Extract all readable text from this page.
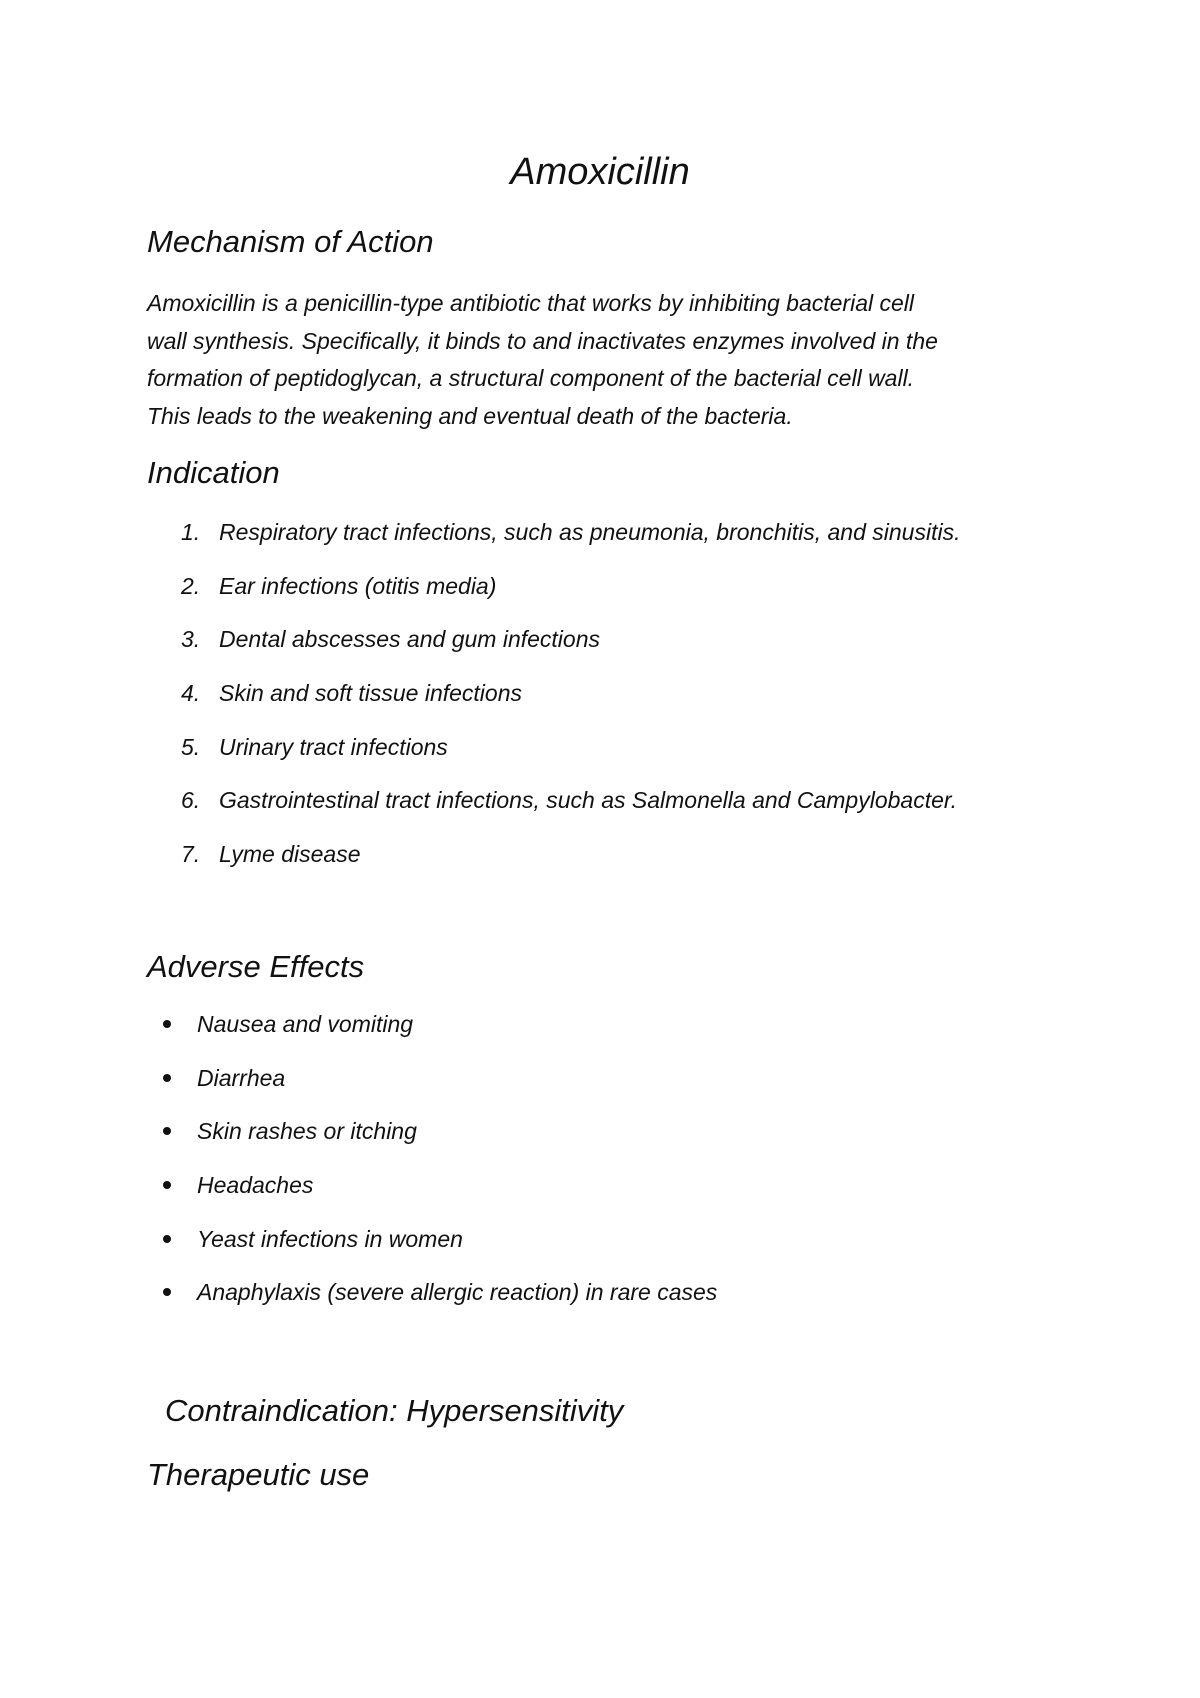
Amoxicillin
Mechanism of Action

Amoxicillin is a penicillin-type antibiotic that works by inhibiting bacterial cell
wall synthesis. Specifically, it binds to and inactivates enzymes involved in the
formation of peptidoglycan, a structural component of the bacterial cell wall.
This leads to the weakening and eventual death of the bacteria.

Indication
1. Respiratory tract infections, such as pneumonia, bronchitis, and sinusitis.
2. Ear infections (otitis media)
3. Dental abscesses and gum infections
4. Skin and soft tissue infections
5. Urinary tract infections
6. Gastrointestinal tract infections, such as Salmonella and Campylobacter.
7. Lyme disease
Adverse Effects
Nausea and vomiting
Diarrhea
Skin rashes or itching
Headaches
Yeast infections in women
Anaphylaxis (severe allergic reaction) in rare cases
Contraindication: Hypersensitivity
Therapeutic use
